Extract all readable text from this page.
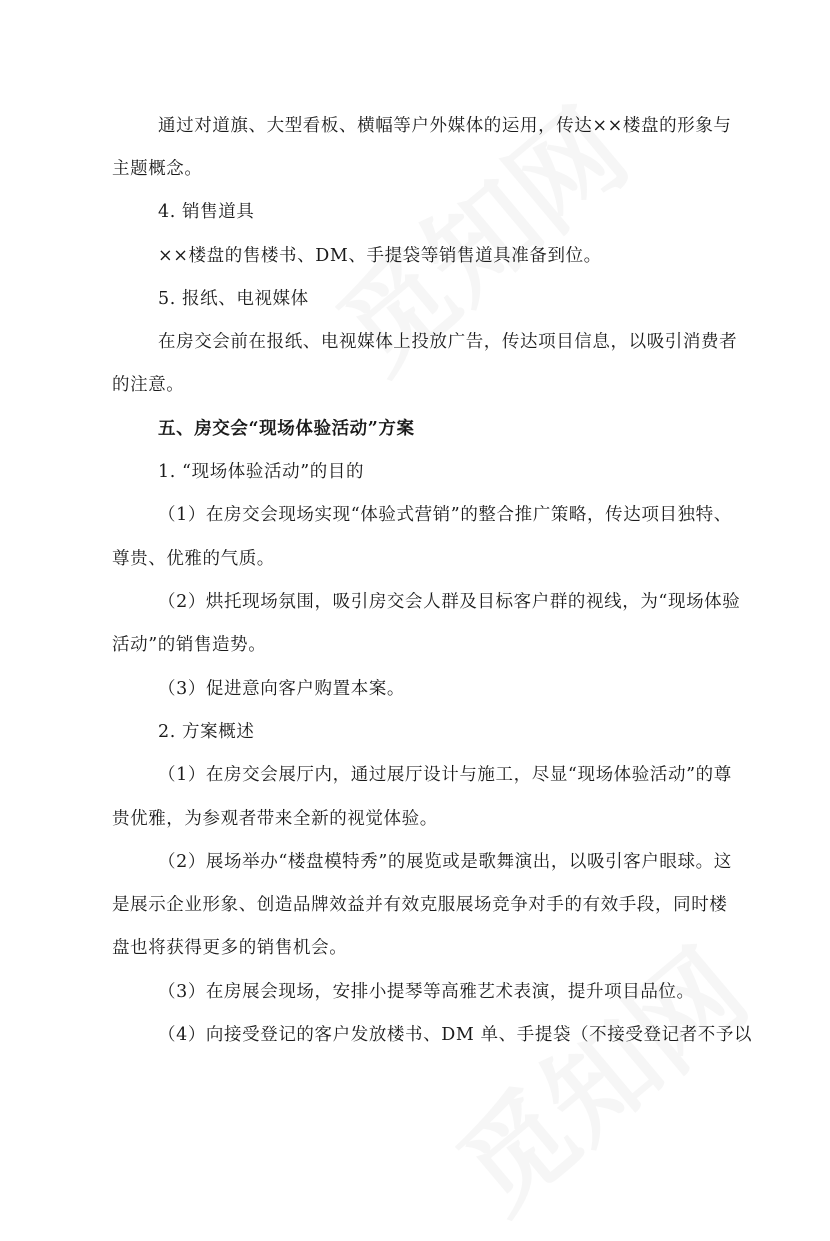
通过对道旗、大型看板、横幅等户外媒体的运用，传达××楼盘的形象与
主题概念。
4. 销售道具
××楼盘的售楼书、DM、手提袋等销售道具准备到位。
5. 报纸、电视媒体
在房交会前在报纸、电视媒体上投放广告，传达项目信息，以吸引消费者
的注意。
五、房交会“现场体验活动”方案
1. “现场体验活动”的目的
（1）在房交会现场实现“体验式营销”的整合推广策略，传达项目独特、
尊贵、优雅的气质。
（2）烘托现场氛围，吸引房交会人群及目标客户群的视线，为“现场体验
活动”的销售造势。
（3）促进意向客户购置本案。
2. 方案概述
（1）在房交会展厅内，通过展厅设计与施工，尽显“现场体验活动”的尊
贵优雅，为参观者带来全新的视觉体验。
（2）展场举办“楼盘模特秀”的展览或是歌舞演出，以吸引客户眼球。这
是展示企业形象、创造品牌效益并有效克服展场竞争对手的有效手段，同时楼
盘也将获得更多的销售机会。
（3）在房展会现场，安排小提琴等高雅艺术表演，提升项目品位。
（4）向接受登记的客户发放楼书、DM 单、手提袋（不接受登记者不予以
